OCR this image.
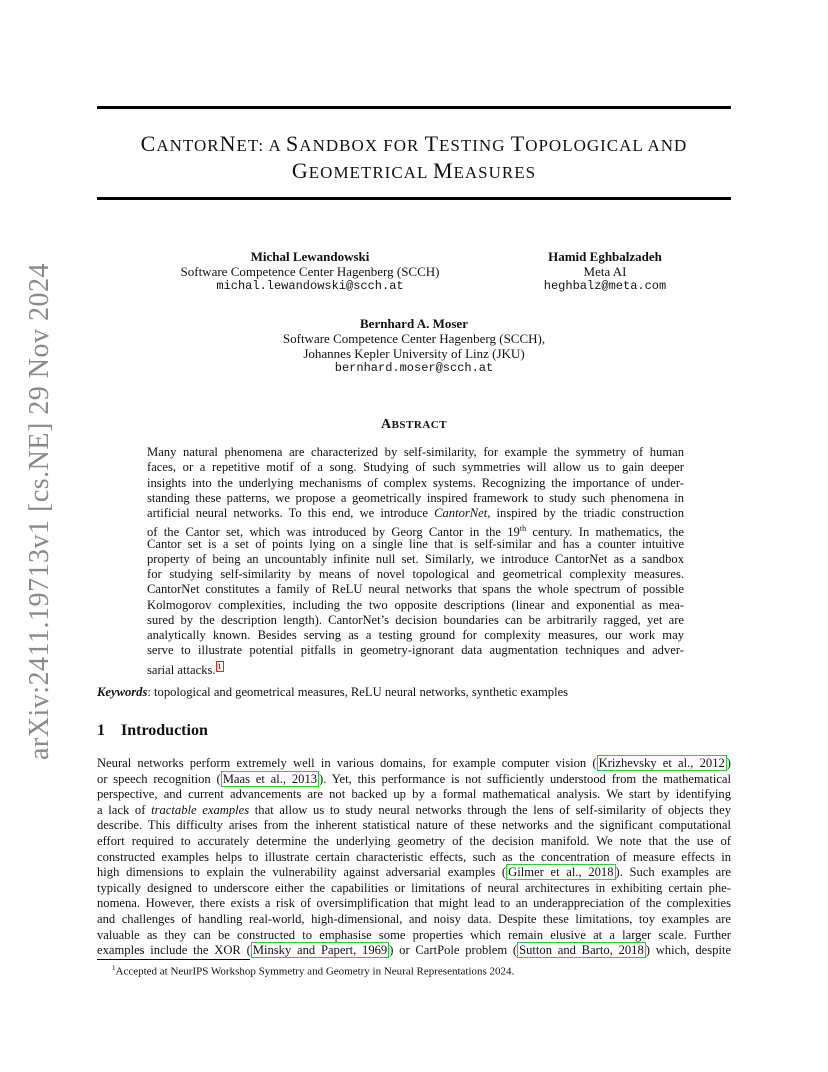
arXiv:2411.19713v1 [cs.NE] 29 Nov 2024
CANTORNET: A SANDBOX FOR TESTING TOPOLOGICAL AND
GEOMETRICAL MEASURES
Michal Lewandowski
Software Competence Center Hagenberg (SCCH)
michal.lewandowski@scch.at
Hamid Eghbalzadeh
Meta AI
heghbalz@meta.com
Bernhard A. Moser
Software Competence Center Hagenberg (SCCH),
Johannes Kepler University of Linz (JKU)
bernhard.moser@scch.at
ABSTRACT
Many natural phenomena are characterized by self-similarity, for example the symmetry of human
faces, or a repetitive motif of a song. Studying of such symmetries will allow us to gain deeper
insights into the underlying mechanisms of complex systems. Recognizing the importance of under-
standing these patterns, we propose a geometrically inspired framework to study such phenomena in
artificial neural networks. To this end, we introduce CantorNet, inspired by the triadic construction
of the Cantor set, which was introduced by Georg Cantor in the 19th century. In mathematics, the
Cantor set is a set of points lying on a single line that is self-similar and has a counter intuitive
property of being an uncountably infinite null set. Similarly, we introduce CantorNet as a sandbox
for studying self-similarity by means of novel topological and geometrical complexity measures.
CantorNet constitutes a family of ReLU neural networks that spans the whole spectrum of possible
Kolmogorov complexities, including the two opposite descriptions (linear and exponential as mea-
sured by the description length). CantorNet’s decision boundaries can be arbitrarily ragged, yet are
analytically known. Besides serving as a testing ground for complexity measures, our work may
serve to illustrate potential pitfalls in geometry-ignorant data augmentation techniques and adver-
sarial attacks. $^1$
Keywords: topological and geometrical measures, ReLU neural networks, synthetic examples
1 Introduction
Neural networks perform extremely well in various domains, for example computer vision ( Krizhevsky et al., 2012 )
or speech recognition ( Maas et al., 2013 ). Yet, this performance is not sufficiently understood from the mathematical
perspective, and current advancements are not backed up by a formal mathematical analysis. We start by identifying
a lack of tractable examples that allow us to study neural networks through the lens of self-similarity of objects they
describe. This difficulty arises from the inherent statistical nature of these networks and the significant computational
effort required to accurately determine the underlying geometry of the decision manifold. We note that the use of
constructed examples helps to illustrate certain characteristic effects, such as the concentration of measure effects in
high dimensions to explain the vulnerability against adversarial examples ( Gilmer et al., 2018 ). Such examples are
typically designed to underscore either the capabilities or limitations of neural architectures in exhibiting certain phe-
nomena. However, there exists a risk of oversimplification that might lead to an underappreciation of the complexities
and challenges of handling real-world, high-dimensional, and noisy data. Despite these limitations, toy examples are
valuable as they can be constructed to emphasise some properties which remain elusive at a larger scale. Further
examples include the XOR ( Minsky and Papert, 1969 ) or CartPole problem ( Sutton and Barto, 2018 ) which, despite
$^1$Accepted at NeurIPS Workshop Symmetry and Geometry in Neural Representations 2024.
